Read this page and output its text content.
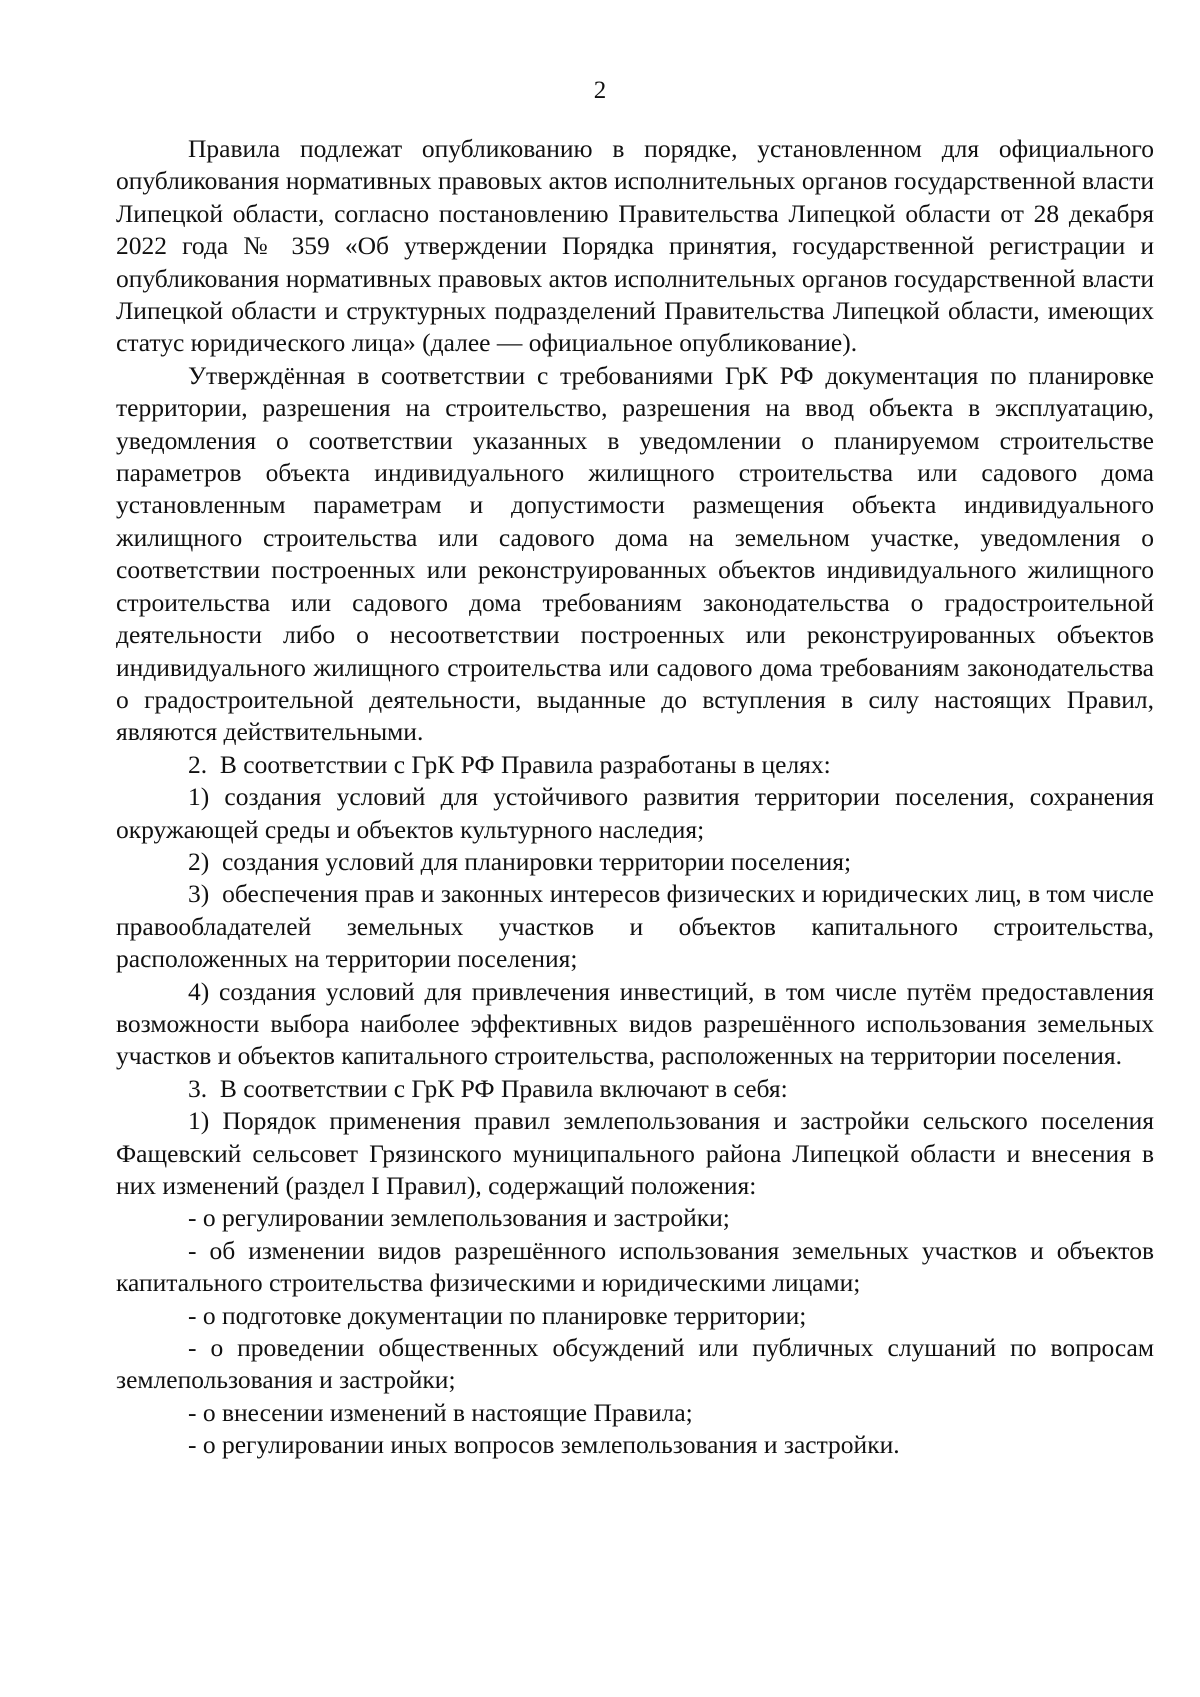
2

Правила подлежат опубликованию в порядке, установленном для официального опубликования нормативных правовых актов исполнительных органов государственной власти Липецкой области, согласно постановлению Правительства Липецкой области от 28 декабря 2022 года № 359 «Об утверждении Порядка принятия, государственной регистрации и опубликования нормативных правовых актов исполнительных органов государственной власти Липецкой области и структурных подразделений Правительства Липецкой области, имеющих статус юридического лица» (далее — официальное опубликование).

Утверждённая в соответствии с требованиями ГрК РФ документация по планировке территории, разрешения на строительство, разрешения на ввод объекта в эксплуатацию, уведомления о соответствии указанных в уведомлении о планируемом строительстве параметров объекта индивидуального жилищного строительства или садового дома установленным параметрам и допустимости размещения объекта индивидуального жилищного строительства или садового дома на земельном участке, уведомления о соответствии построенных или реконструированных объектов индивидуального жилищного строительства или садового дома требованиям законодательства о градостроительной деятельности либо о несоответствии построенных или реконструированных объектов индивидуального жилищного строительства или садового дома требованиям законодательства о градостроительной деятельности, выданные до вступления в силу настоящих Правил, являются действительными.

2.  В соответствии с ГрК РФ Правила разработаны в целях:

1) создания условий для устойчивого развития территории поселения, сохранения окружающей среды и объектов культурного наследия;

2)  создания условий для планировки территории поселения;

3)  обеспечения прав и законных интересов физических и юридических лиц, в том числе правообладателей земельных участков и объектов капитального строительства, расположенных на территории поселения;

4) создания условий для привлечения инвестиций, в том числе путём предоставления возможности выбора наиболее эффективных видов разрешённого использования земельных участков и объектов капитального строительства, расположенных на территории поселения.

3.  В соответствии с ГрК РФ Правила включают в себя:

1) Порядок применения правил землепользования и застройки сельского поселения Фащевский сельсовет Грязинского муниципального района Липецкой области и внесения в них изменений (раздел I Правил), содержащий положения:

- о регулировании землепользования и застройки;

- об изменении видов разрешённого использования земельных участков и объектов капитального строительства физическими и юридическими лицами;

- о подготовке документации по планировке территории;

- о проведении общественных обсуждений или публичных слушаний по вопросам землепользования и застройки;

- о внесении изменений в настоящие Правила;

- о регулировании иных вопросов землепользования и застройки.
